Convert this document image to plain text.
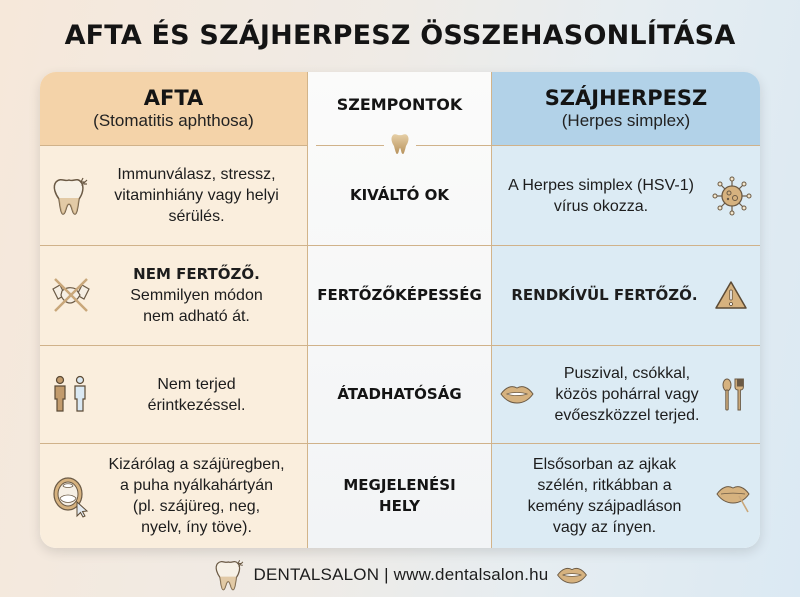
AFTA ÉS SZÁJHERPESZ ÖSSZEHASONLÍTÁSA
AFTA
(Stomatitis aphthosa)
SZEMPONTOK	SZÁJHERPESZ
(Herpes simplex)
Immunválasz, stressz,
vitaminhiány vagy helyi
sérülés.
KIVÁLTÓ OK
A Herpes simplex (HSV-1)
vírus okozza.
NEM FERTŐZŐ.
Semmilyen módon
nem adható át.
FERTŐZŐKÉPESSÉG RENDKÍVÜL FERTŐZŐ.
Nem terjed
érintkezéssel.
ÁTADHATÓSÁG
Puszival, csókkal,
közös pohárral vagy
evőeszközzel terjed.
Kizárólag a szájüregben,
a puha nyálkahártyán
(pl. szájüreg, neg,
nyelv, íny töve).
MEGJELENÉSI
HELY
Elsősorban az ajkak
szélén, ritkábban a
kemény szájpadláson
vagy az ínyen.
DENTALSALON | www.dentalsalon.hu
